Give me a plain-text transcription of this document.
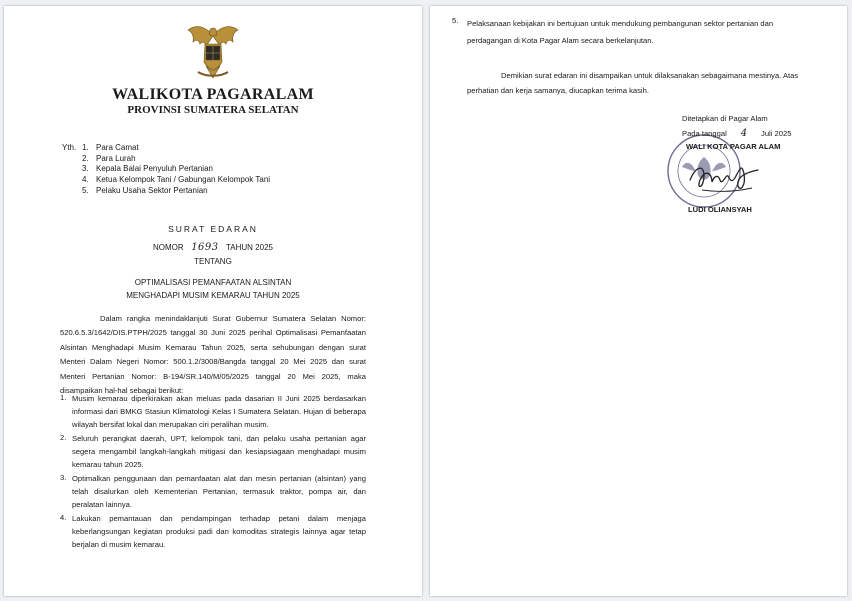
WALIKOTA PAGARALAM
PROVINSI SUMATERA SELATAN
Yth. 1. Para Camat
2. Para Lurah
3. Kepala Balai Penyuluh Pertanian
4. Ketua Kelompok Tani / Gabungan Kelompok Tani
5. Pelaku Usaha Sektor Pertanian
SURAT EDARAN
NOMOR 1693 TAHUN 2025
TENTANG
OPTIMALISASI PEMANFAATAN ALSINTAN
MENGHADAPI MUSIM KEMARAU TAHUN 2025

Dalam rangka menindaklanjuti Surat Gubernur Sumatera Selatan Nomor: 520.6.5.3/1642/DIS.PTPH/2025 tanggal 30 Juni 2025 perihal Optimalisasi Pemanfaatan Alsintan Menghadapi Musim Kemarau Tahun 2025, serta sehubungan dengan surat Menteri Dalam Negeri Nomor: 500.1.2/3008/Bangda tanggal 20 Mei 2025 dan surat Menteri Pertanian Nomor: B-194/SR.140/M/05/2025 tanggal 20 Mei 2025, maka disampaikan hal-hal sebagai berikut:

1. Musim kemarau diperkirakan akan meluas pada dasarian II Juni 2025 berdasarkan informasi dari BMKG Stasiun Klimatologi Kelas I Sumatera Selatan. Hujan di beberapa wilayah bersifat lokal dan merupakan ciri peralihan musim.
2. Seluruh perangkat daerah, UPT, kelompok tani, dan pelaku usaha pertanian agar segera mengambil langkah-langkah mitigasi dan kesiapsiagaan menghadapi musim kemarau tahun 2025.
3. Optimalkan penggunaan dan pemanfaatan alat dan mesin pertanian (alsintan) yang telah disalurkan oleh Kementerian Pertanian, termasuk traktor, pompa air, dan peralatan lainnya.
4. Lakukan pemantauan dan pendampingan terhadap petani dalam menjaga keberlangsungan kegiatan produksi padi dan komoditas strategis lainnya agar tetap berjalan di musim kemarau.
5.	Pelaksanaan kebijakan ini bertujuan untuk mendukung pembangunan sektor pertanian dan perdagangan di Kota Pagar Alam secara berkelanjutan.

Demikian surat edaran ini disampaikan untuk dilaksanakan sebagaimana mestinya. Atas perhatian dan kerja samanya, diucapkan terima kasih.

Ditetapkan di Pagar Alam
Pada tanggal 4 Juli 2025
WALI KOTA PAGAR ALAM
LUDI OLIANSYAH
